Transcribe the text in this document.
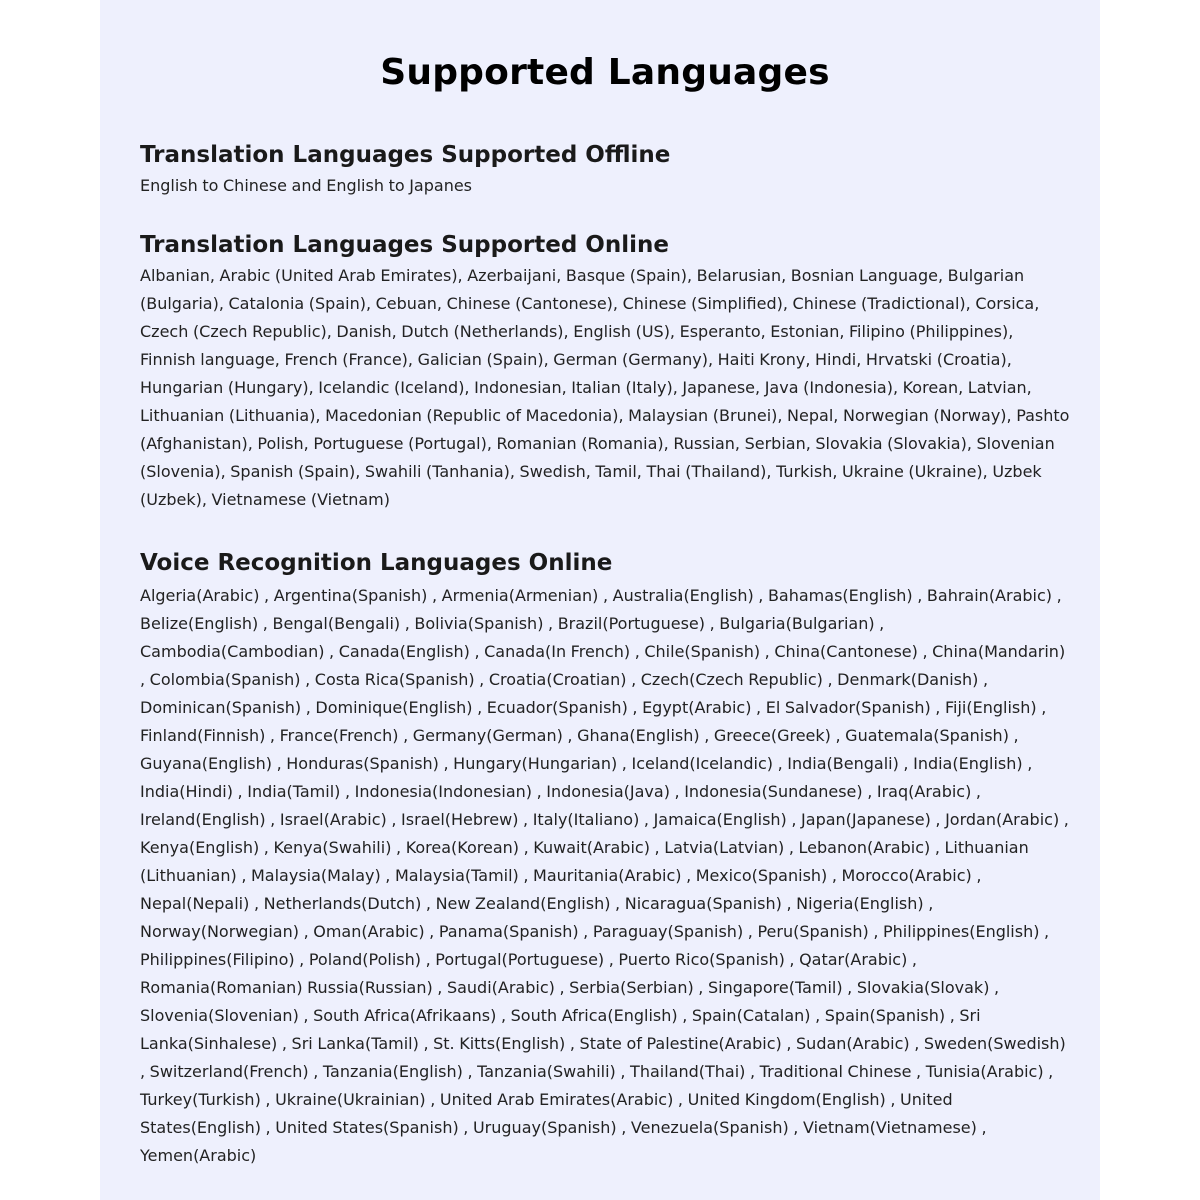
Supported Languages
Translation Languages Supported Offline

English to Chinese and English to Japanes

Translation Languages Supported Online

Albanian, Arabic (United Arab Emirates), Azerbaijani, Basque (Spain), Belarusian, Bosnian Language, Bulgarian (Bulgaria), Catalonia (Spain), Cebuan, Chinese (Cantonese), Chinese (Simplified), Chinese (Tradictional), Corsica, Czech (Czech Republic), Danish, Dutch (Netherlands), English (US), Esperanto, Estonian, Filipino (Philippines), Finnish language, French (France), Galician (Spain), German (Germany), Haiti Krony, Hindi, Hrvatski (Croatia), Hungarian (Hungary), Icelandic (Iceland), Indonesian, Italian (Italy), Japanese, Java (Indonesia), Korean, Latvian, Lithuanian (Lithuania), Macedonian (Republic of Macedonia), Malaysian (Brunei), Nepal, Norwegian (Norway), Pashto (Afghanistan), Polish, Portuguese (Portugal), Romanian (Romania), Russian, Serbian, Slovakia (Slovakia), Slovenian (Slovenia), Spanish (Spain), Swahili (Tanhania), Swedish, Tamil, Thai (Thailand), Turkish, Ukraine (Ukraine), Uzbek (Uzbek), Vietnamese (Vietnam)

Voice Recognition Languages Online

Algeria(Arabic) , Argentina(Spanish) , Armenia(Armenian) , Australia(English) , Bahamas(English) , Bahrain(Arabic) , Belize(English) , Bengal(Bengali) , Bolivia(Spanish) , Brazil(Portuguese) , Bulgaria(Bulgarian) , Cambodia(Cambodian) , Canada(English) , Canada(In French) , Chile(Spanish) , China(Cantonese) , China(Mandarin) , Colombia(Spanish) , Costa Rica(Spanish) , Croatia(Croatian) , Czech(Czech Republic) , Denmark(Danish) , Dominican(Spanish) , Dominique(English) , Ecuador(Spanish) , Egypt(Arabic) , El Salvador(Spanish) , Fiji(English) , Finland(Finnish) , France(French) , Germany(German) , Ghana(English) , Greece(Greek) , Guatemala(Spanish) , Guyana(English) , Honduras(Spanish) , Hungary(Hungarian) , Iceland(Icelandic) , India(Bengali) , India(English) , India(Hindi) , India(Tamil) , Indonesia(Indonesian) , Indonesia(Java) , Indonesia(Sundanese) , Iraq(Arabic) , Ireland(English) , Israel(Arabic) , Israel(Hebrew) , Italy(Italiano) , Jamaica(English) , Japan(Japanese) , Jordan(Arabic) , Kenya(English) , Kenya(Swahili) , Korea(Korean) , Kuwait(Arabic) , Latvia(Latvian) , Lebanon(Arabic) , Lithuanian (Lithuanian) , Malaysia(Malay) , Malaysia(Tamil) , Mauritania(Arabic) , Mexico(Spanish) , Morocco(Arabic) , Nepal(Nepali) , Netherlands(Dutch) , New Zealand(English) , Nicaragua(Spanish) , Nigeria(English) , Norway(Norwegian) , Oman(Arabic) , Panama(Spanish) , Paraguay(Spanish) , Peru(Spanish) , Philippines(English) , Philippines(Filipino) , Poland(Polish) , Portugal(Portuguese) , Puerto Rico(Spanish) , Qatar(Arabic) , Romania(Romanian) Russia(Russian) , Saudi(Arabic) , Serbia(Serbian) , Singapore(Tamil) , Slovakia(Slovak) , Slovenia(Slovenian) , South Africa(Afrikaans) , South Africa(English) , Spain(Catalan) , Spain(Spanish) , Sri Lanka(Sinhalese) , Sri Lanka(Tamil) , St. Kitts(English) , State of Palestine(Arabic) , Sudan(Arabic) , Sweden(Swedish) , Switzerland(French) , Tanzania(English) , Tanzania(Swahili) , Thailand(Thai) , Traditional Chinese , Tunisia(Arabic) , Turkey(Turkish) , Ukraine(Ukrainian) , United Arab Emirates(Arabic) , United Kingdom(English) , United States(English) , United States(Spanish) , Uruguay(Spanish) , Venezuela(Spanish) , Vietnam(Vietnamese) , Yemen(Arabic)
